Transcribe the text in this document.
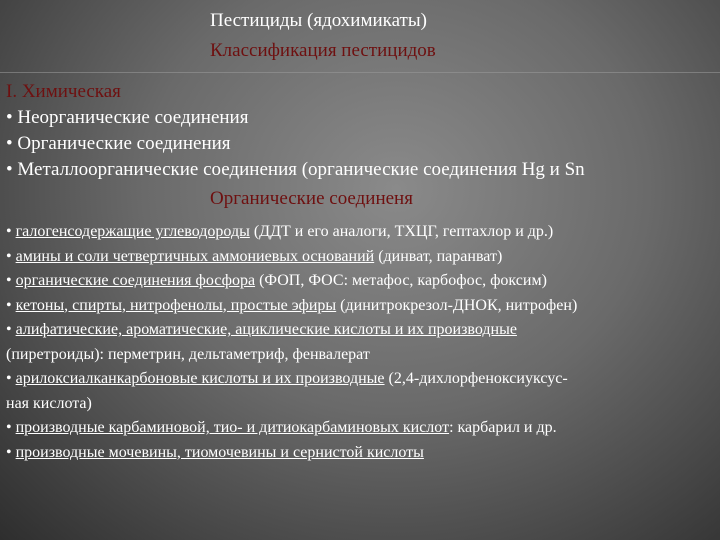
Пестициды (ядохимикаты)
Классификация пестицидов
I. Химическая
• Неорганические соединения
• Органические соединения
• Металлоорганические соединения (органические соединения Hg и Sn
Органические соединеня
• галогенсодержащие углеводороды (ДДТ и его аналоги, ТХЦГ, гептахлор и др.)
• амины и соли четвертичных аммониевых оснований (динват, паранват)
• органические соединения фосфора (ФОП, ФОС: метафос, карбофос, фоксим)
• кетоны, спирты, нитрофенолы, простые эфиры (динитрокрезол-ДНОК, нитрофен)
• алифатические, ароматические, ациклические кислоты и их производные
(пиретроиды): перметрин, дельтаметриф, фенвалерат
• арилоксиалканкарбоновые кислоты и их производные (2,4-дихлорфеноксиуксус-
ная кислота)
• производные карбаминовой, тио- и дитиокарбаминовых кислот: карбарил и др.
• производные мочевины, тиомочевины и сернистой кислоты
